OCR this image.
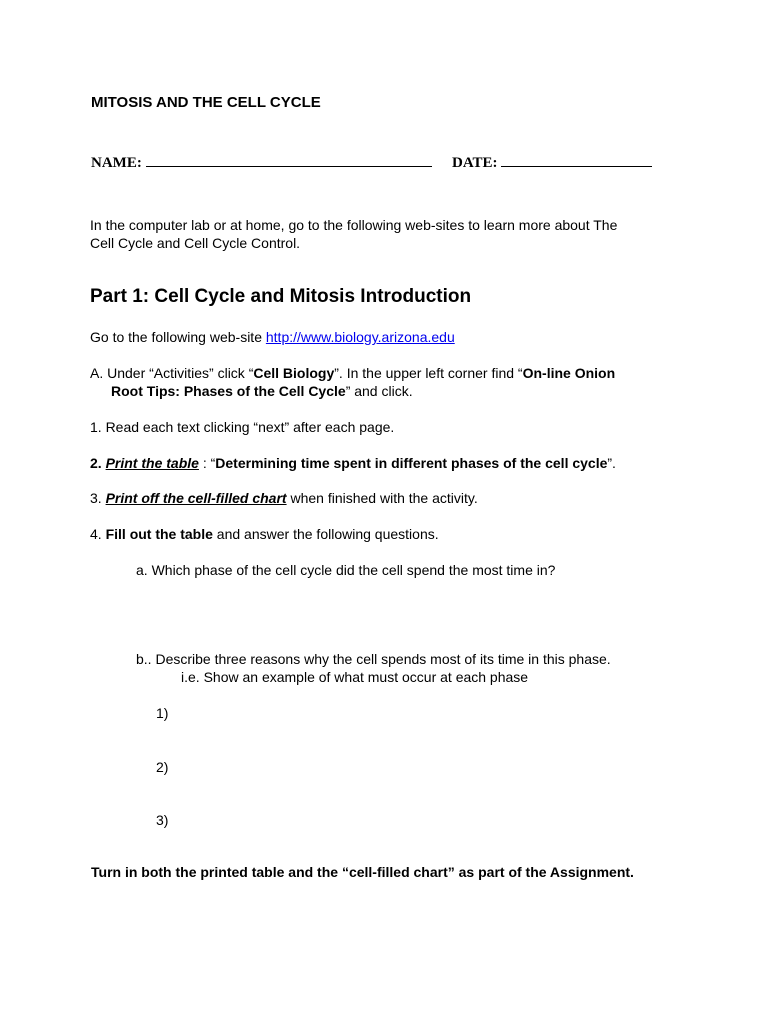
MITOSIS AND THE CELL CYCLE
NAME:	DATE:
In the computer lab or at home, go to the following web-sites to learn more about The
Cell Cycle and Cell Cycle Control.
Part 1: Cell Cycle and Mitosis Introduction
Go to the following web-site http://www.biology.arizona.edu
A. Under “Activities” click “Cell Biology”. In the upper left corner find “On-line Onion
Root Tips: Phases of the Cell Cycle” and click.
1. Read each text clicking “next” after each page.
2. Print the table : “Determining time spent in different phases of the cell cycle”.
3. Print off the cell-filled chart when finished with the activity.
4. Fill out the table and answer the following questions.
a. Which phase of the cell cycle did the cell spend the most time in?
b.. Describe three reasons why the cell spends most of its time in this phase.
i.e. Show an example of what must occur at each phase
1)
2)
3)
Turn in both the printed table and the “cell-filled chart” as part of the Assignment.
